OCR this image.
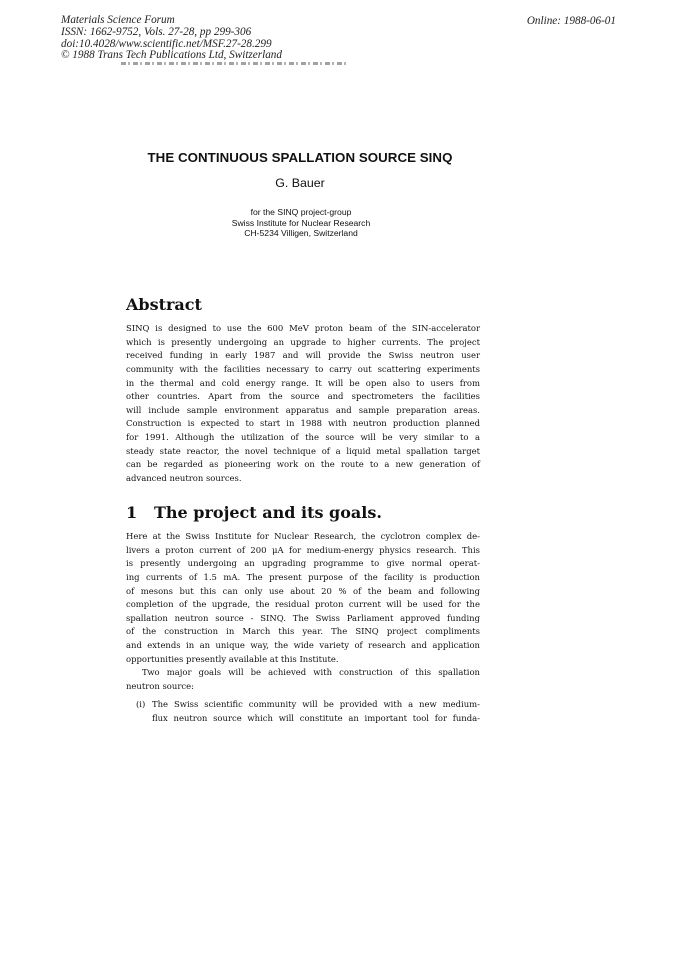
Materials Science Forum
ISSN: 1662-9752, Vols. 27-28, pp 299-306
doi:10.4028/www.scientific.net/MSF.27-28.299
© 1988 Trans Tech Publications Ltd, Switzerland
Online: 1988-06-01
THE CONTINUOUS SPALLATION SOURCE SINQ
G. Bauer
for the SINQ project-group
Swiss Institute for Nuclear Research
CH-5234 Villigen, Switzerland
Abstract
SINQ is designed to use the 600 MeV proton beam of the SIN-accelerator
which is presently undergoing an upgrade to higher currents. The project
received funding in early 1987 and will provide the Swiss neutron user
community with the facilities necessary to carry out scattering experiments
in the thermal and cold energy range. It will be open also to users from
other countries. Apart from the source and spectrometers the facilities
will include sample environment apparatus and sample preparation areas.
Construction is expected to start in 1988 with neutron production planned
for 1991. Although the utilization of the source will be very similar to a
steady state reactor, the novel technique of a liquid metal spallation target
can be regarded as pioneering work on the route to a new generation of
advanced neutron sources.
1 The project and its goals.
Here at the Swiss Institute for Nuclear Research, the cyclotron complex de-
livers a proton current of 200 μA for medium-energy physics research. This
is presently undergoing an upgrading programme to give normal operat-
ing currents of 1.5 mA. The present purpose of the facility is production
of mesons but this can only use about 20 % of the beam and following
completion of the upgrade, the residual proton current will be used for the
spallation neutron source - SINQ. The Swiss Parliament approved funding
of the construction in March this year. The SINQ project compliments
and extends in an unique way, the wide variety of research and application
opportunities presently available at this Institute.
Two major goals will be achieved with construction of this spallation
neutron source:
(i) The Swiss scientific community will be provided with a new medium-
flux neutron source which will constitute an important tool for funda-
